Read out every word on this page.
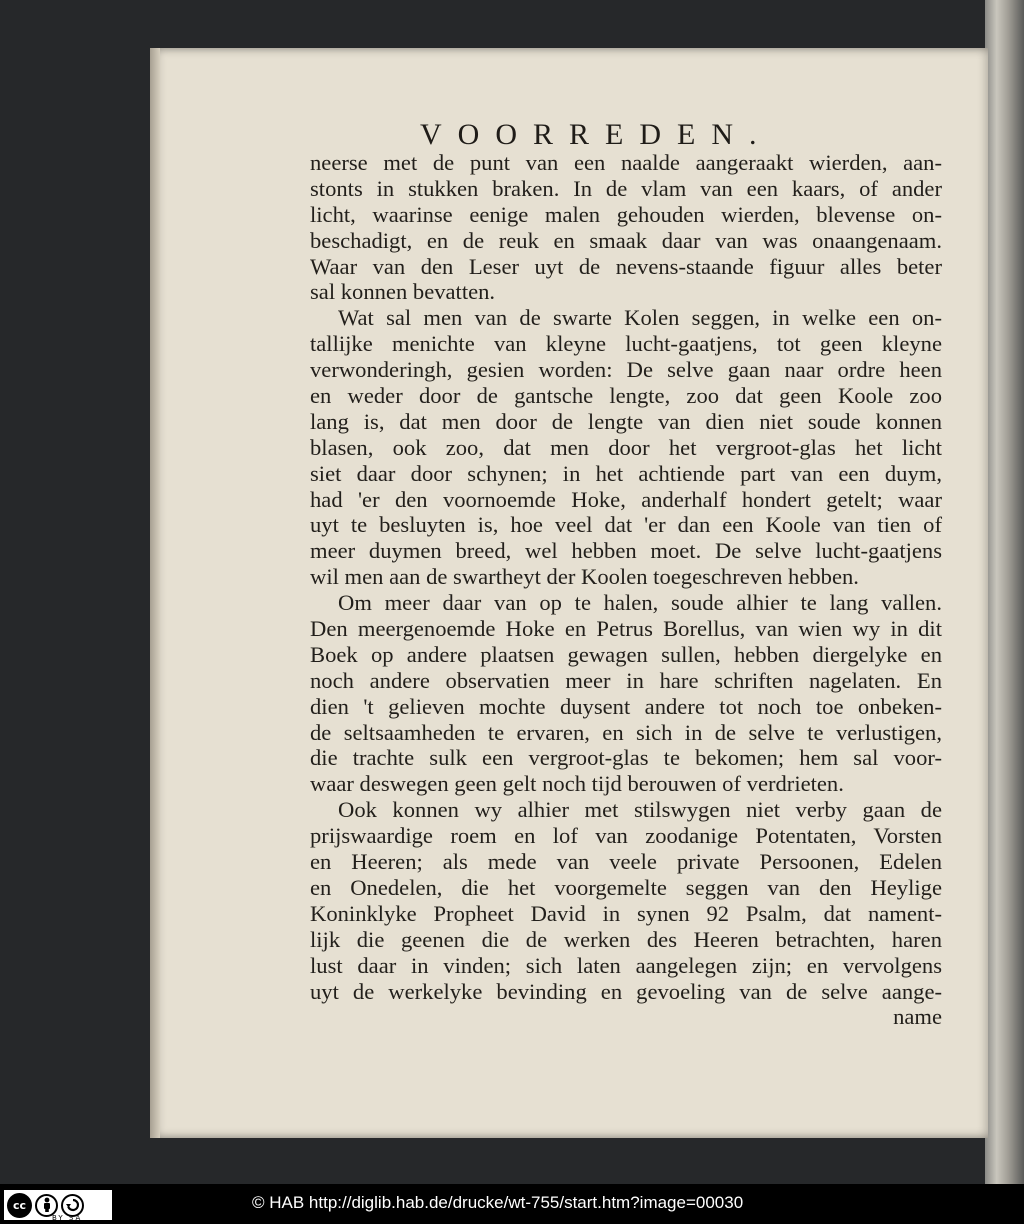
VOORREDEN.
neerse met de punt van een naalde aangeraakt wierden, aan-
stonts in stukken braken. In de vlam van een kaars, of ander
licht, waarinse eenige malen gehouden wierden, blevense on-
beschadigt, en de reuk en smaak daar van was onaangenaam.
Waar van den Leser uyt de nevens-staande figuur alles beter
sal konnen bevatten.
Wat sal men van de swarte Kolen seggen, in welke een on-
tallijke menichte van kleyne lucht-gaatjens, tot geen kleyne
verwonderingh, gesien worden: De selve gaan naar ordre heen
en weder door de gantsche lengte, zoo dat geen Koole zoo
lang is, dat men door de lengte van dien niet soude konnen
blasen, ook zoo, dat men door het vergroot-glas het licht
siet daar door schynen; in het achtiende part van een duym,
had 'er den voornoemde Hoke, anderhalf hondert getelt; waar
uyt te besluyten is, hoe veel dat 'er dan een Koole van tien of
meer duymen breed, wel hebben moet. De selve lucht-gaatjens
wil men aan de swartheyt der Koolen toegeschreven hebben.
Om meer daar van op te halen, soude alhier te lang vallen.
Den meergenoemde Hoke en Petrus Borellus, van wien wy in dit
Boek op andere plaatsen gewagen sullen, hebben diergelyke en
noch andere observatien meer in hare schriften nagelaten. En
dien 't gelieven mochte duysent andere tot noch toe onbeken-
de seltsaamheden te ervaren, en sich in de selve te verlustigen,
die trachte sulk een vergroot-glas te bekomen; hem sal voor-
waar deswegen geen gelt noch tijd berouwen of verdrieten.
Ook konnen wy alhier met stilswygen niet verby gaan de
prijswaardige roem en lof van zoodanige Potentaten, Vorsten
en Heeren; als mede van veele private Persoonen, Edelen
en Onedelen, die het voorgemelte seggen van den Heylige
Koninklyke Propheet David in synen 92 Psalm, dat nament-
lijk die geenen die de werken des Heeren betrachten, haren
lust daar in vinden; sich laten aangelegen zijn; en vervolgens
uyt de werkelyke bevinding en gevoeling van de selve aange-
name
cc
BY SA
© HAB http://diglib.hab.de/drucke/wt-755/start.htm?image=00030
